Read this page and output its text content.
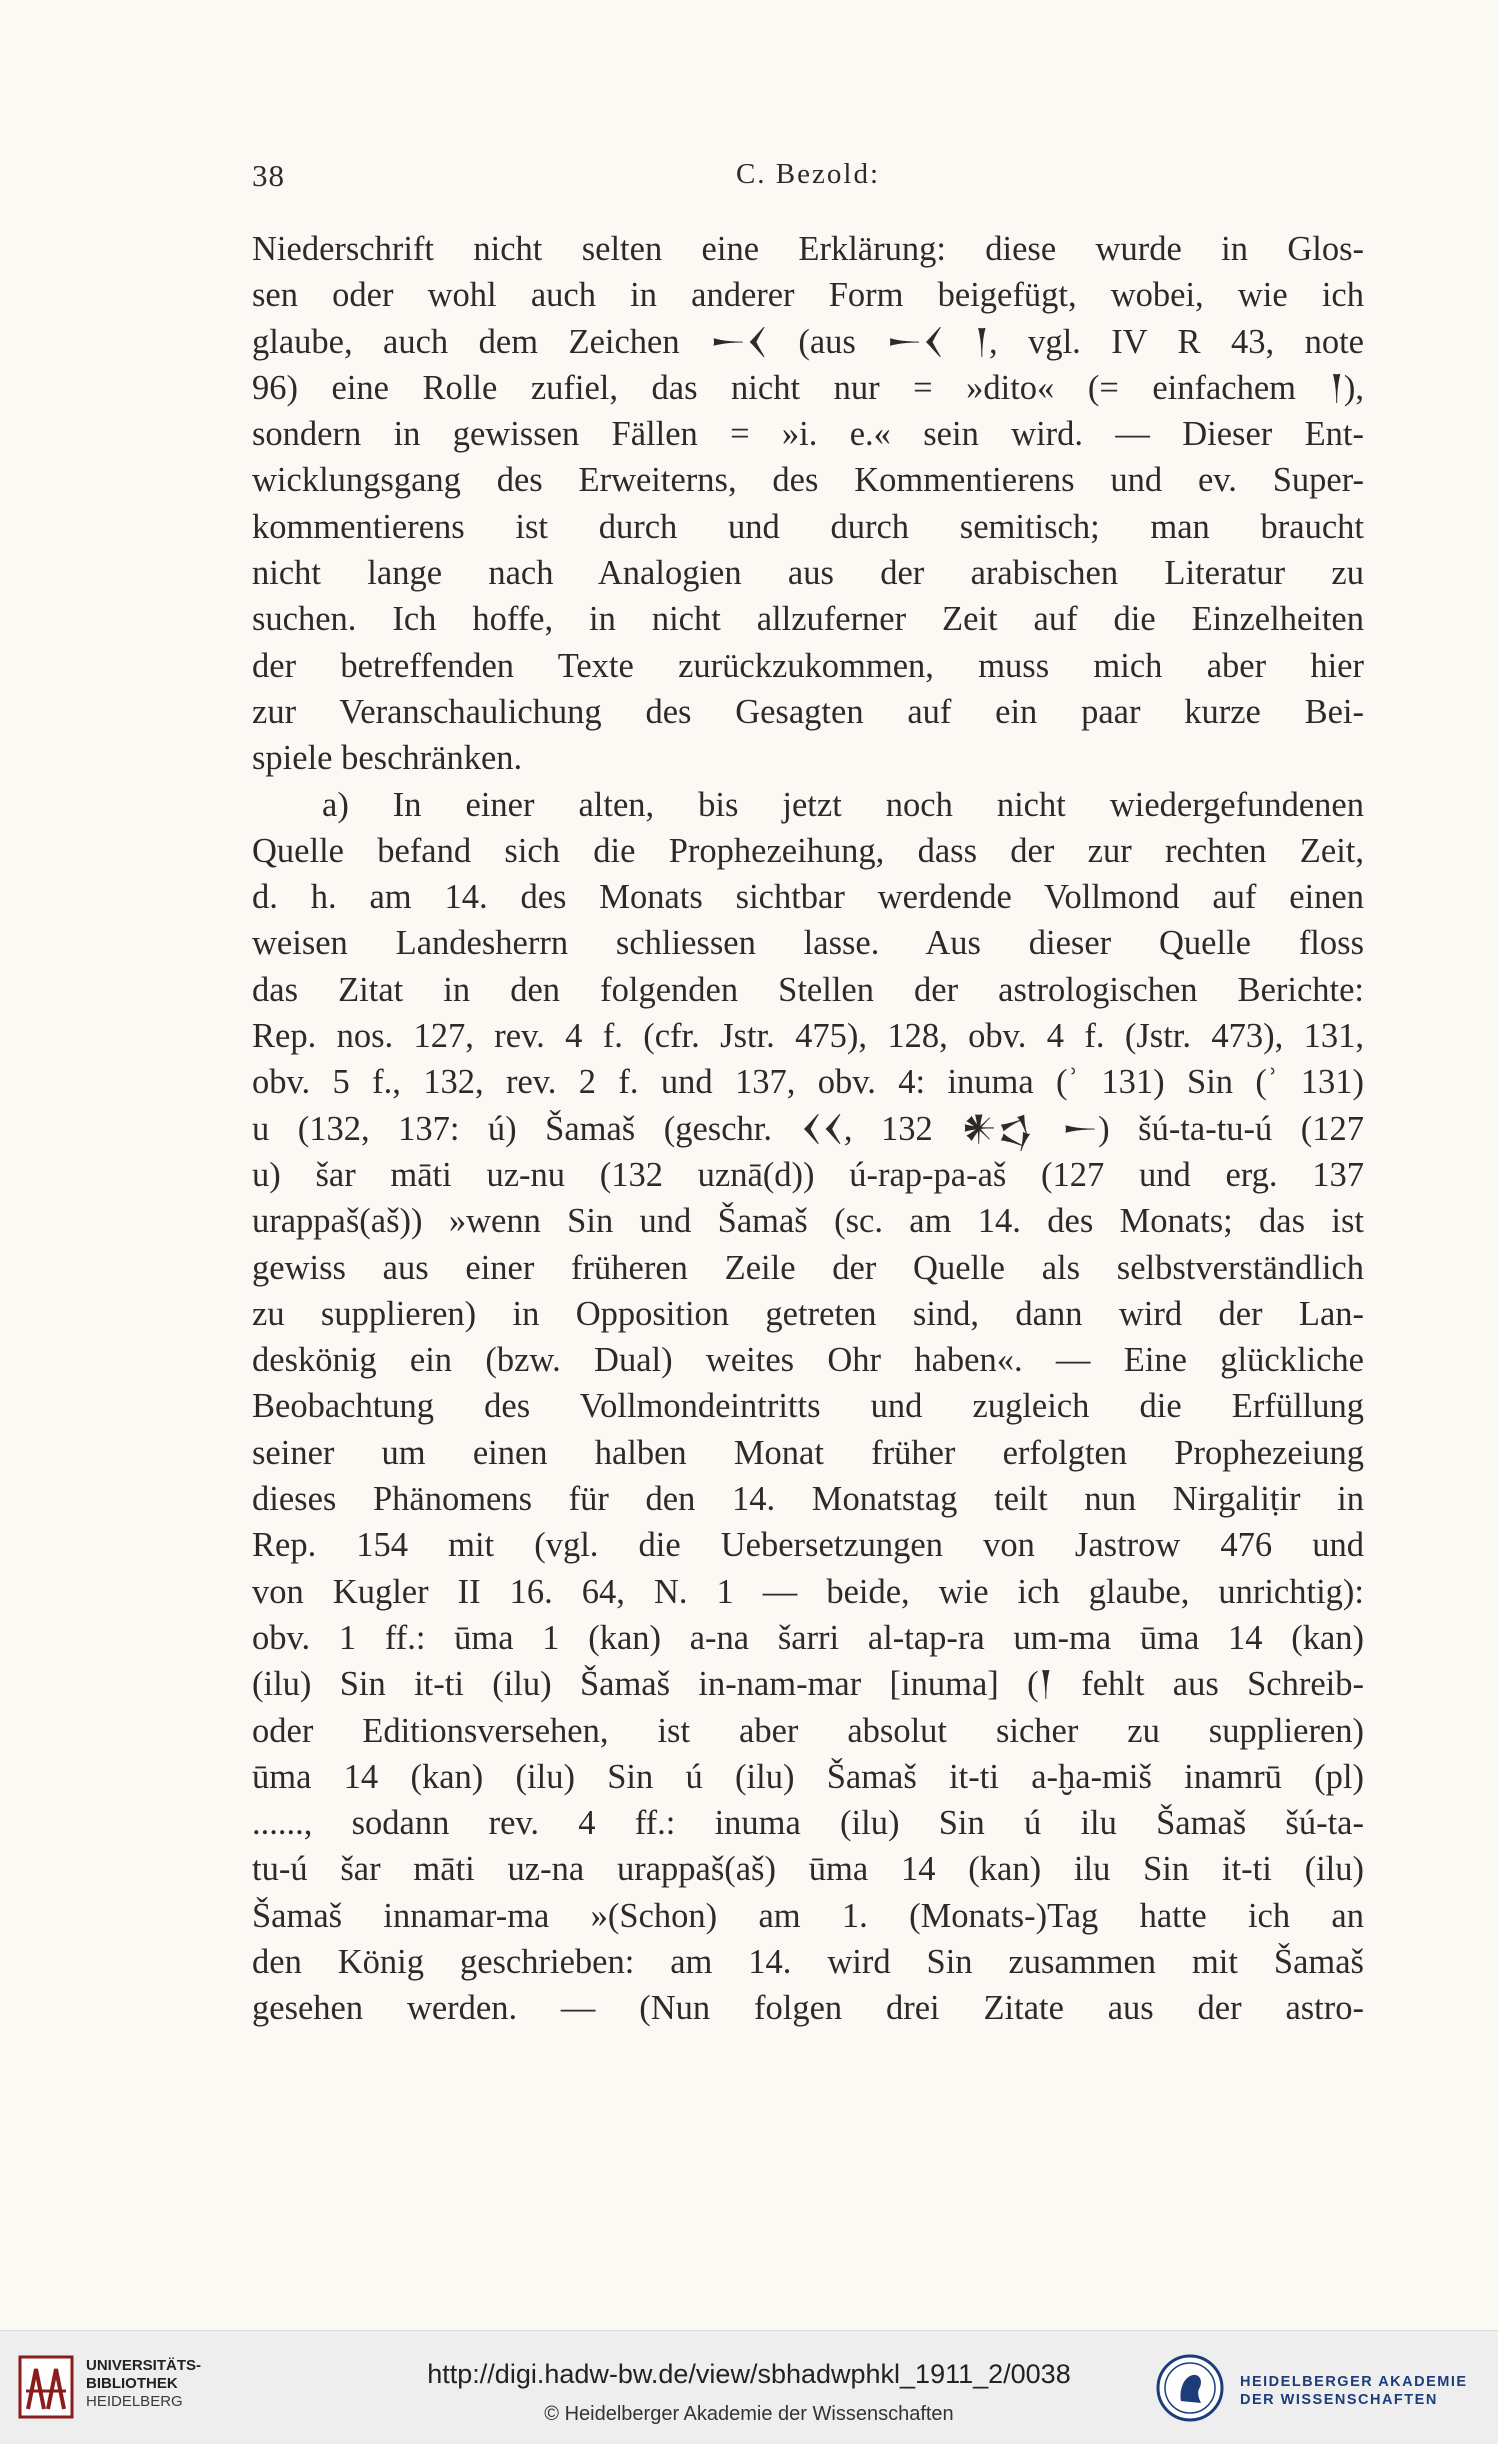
38	C. Bezold:
Niederschrift nicht selten eine Erklärung: diese wurde in Glos-
sen oder wohl auch in anderer Form beigefügt, wobei, wie ich
glaube, auch dem Zeichen 𒀸𒌋 (aus 𒀸𒌋 𒁹, vgl. IV R 43, note
96) eine Rolle zufiel, das nicht nur = »dito« (= einfachem 𒁹),
sondern in gewissen Fällen = »i. e.« sein wird. — Dieser Ent-
wicklungsgang des Erweiterns, des Kommentierens und ev. Super-
kommentierens ist durch und durch semitisch; man braucht
nicht lange nach Analogien aus der arabischen Literatur zu
suchen. Ich hoffe, in nicht allzuferner Zeit auf die Einzelheiten
der betreffenden Texte zurückzukommen, muss mich aber hier
zur Veranschaulichung des Gesagten auf ein paar kurze Bei-
spiele beschränken.
a) In einer alten, bis jetzt noch nicht wiedergefundenen
Quelle befand sich die Prophezeihung, dass der zur rechten Zeit,
d. h. am 14. des Monats sichtbar werdende Vollmond auf einen
weisen Landesherrn schliessen lasse. Aus dieser Quelle floss
das Zitat in den folgenden Stellen der astrologischen Berichte:
Rep. nos. 127, rev. 4 f. (cfr. Jstr. 475), 128, obv. 4 f. (Jstr. 473), 131,
obv. 5 f., 132, rev. 2 f. und 137, obv. 4: inuma (ʾ 131) Sin (ʾ 131)
u (132, 137: ú) Šamaš (geschr. 𒌋𒌋, 132 𒀭𒌓 𒀸) šú-ta-tu-ú (127
u) šar māti uz-nu (132 uznā(d)) ú-rap-pa-aš (127 und erg. 137
urappaš(aš)) »wenn Sin und Šamaš (sc. am 14. des Monats; das ist
gewiss aus einer früheren Zeile der Quelle als selbstverständlich
zu supplieren) in Opposition getreten sind, dann wird der Lan-
deskönig ein (bzw. Dual) weites Ohr haben«. — Eine glückliche
Beobachtung des Vollmondeintritts und zugleich die Erfüllung
seiner um einen halben Monat früher erfolgten Prophezeiung
dieses Phänomens für den 14. Monatstag teilt nun Nirgaliṭir in
Rep. 154 mit (vgl. die Uebersetzungen von Jastrow 476 und
von Kugler II 16. 64, N. 1 — beide, wie ich glaube, unrichtig):
obv. 1 ff.: ūma 1 (kan) a-na šarri al-tap-ra um-ma ūma 14 (kan)
(ilu) Sin it-ti (ilu) Šamaš in-nam-mar [inuma] (𒁹 fehlt aus Schreib-
oder Editionsversehen, ist aber absolut sicher zu supplieren)
ūma 14 (kan) (ilu) Sin ú (ilu) Šamaš it-ti a-ḫa-miš inamrū (pl)
......, sodann rev. 4 ff.: inuma (ilu) Sin ú ilu Šamaš šú-ta-
tu-ú šar māti uz-na urappaš(aš) ūma 14 (kan) ilu Sin it-ti (ilu)
Šamaš innamar-ma »(Schon) am 1. (Monats-)Tag hatte ich an
den König geschrieben: am 14. wird Sin zusammen mit Šamaš
gesehen werden. — (Nun folgen drei Zitate aus der astro-
UNIVERSITÄTS-
BIBLIOTHEK
HEIDELBERG
http://digi.hadw-bw.de/view/sbhadwphkl_1911_2/0038
© Heidelberger Akademie der Wissenschaften
HEIDELBERGER AKADEMIE
DER WISSENSCHAFTEN
